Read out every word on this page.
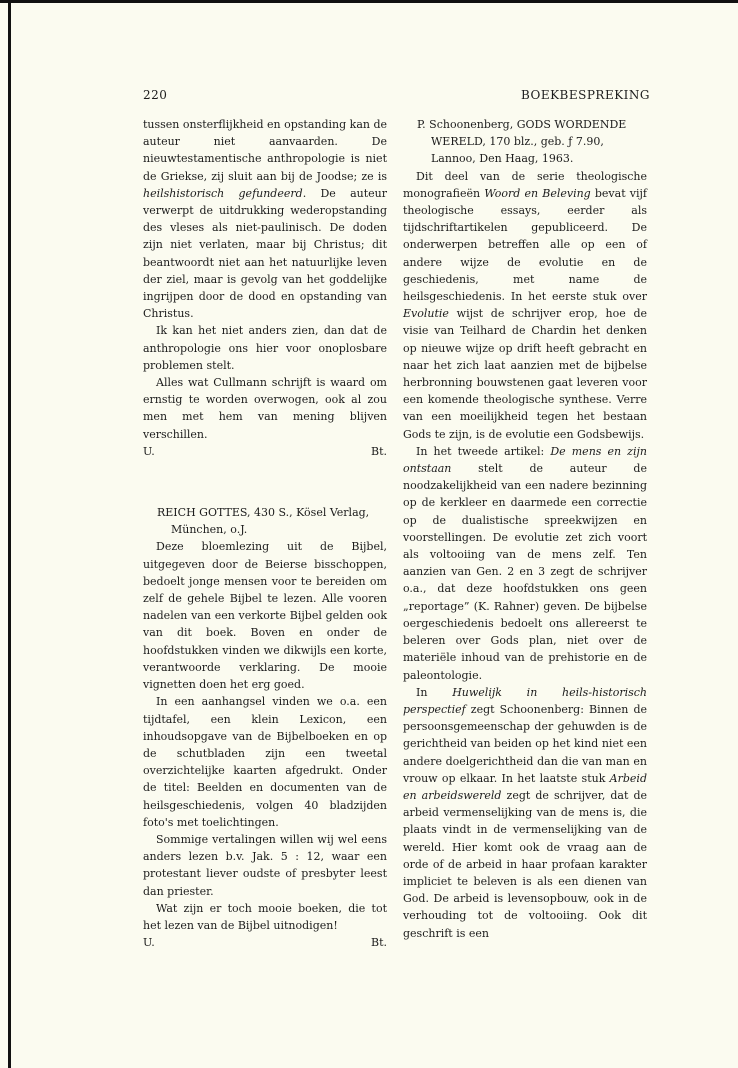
220	BOEKBESPREKING

tussen onsterflijkheid en opstanding kan de auteur niet aanvaarden. De nieuwtestamentische anthropologie is niet de Griekse, zij sluit aan bij de Joodse; ze is heilshistorisch gefundeerd. De auteur verwerpt de uitdrukking wederopstanding des vleses als niet-paulinisch. De doden zijn niet verlaten, maar bij Christus; dit beantwoordt niet aan het natuurlijke leven der ziel, maar is gevolg van het goddelijke ingrijpen door de dood en opstanding van Christus.

Ik kan het niet anders zien, dan dat de anthropologie ons hier voor onoplosbare problemen stelt.

Alles wat Cullmann schrijft is waard om ernstig te worden overwogen, ook al zou men met hem van mening blijven verschillen.

U.	Bt.

REICH GOTTES, 430 S., Kösel Verlag, München, o.J.

Deze bloemlezing uit de Bijbel, uitgegeven door de Beierse bisschoppen, bedoelt jonge mensen voor te bereiden om zelf de gehele Bijbel te lezen. Alle vooren nadelen van een verkorte Bijbel gelden ook van dit boek. Boven en onder de hoofdstukken vinden we dikwijls een korte, verantwoorde verklaring. De mooie vignetten doen het erg goed.

In een aanhangsel vinden we o.a. een tijdtafel, een klein Lexicon, een inhoudsopgave van de Bijbelboeken en op de schutbladen zijn een tweetal overzichtelijke kaarten afgedrukt. Onder de titel: Beelden en documenten van de heilsgeschiedenis, volgen 40 bladzijden foto's met toelichtingen.

Sommige vertalingen willen wij wel eens anders lezen b.v. Jak. 5 : 12, waar een protestant liever oudste of presbyter leest dan priester.

Wat zijn er toch mooie boeken, die tot het lezen van de Bijbel uitnodigen!

U.	Bt.

P. Schoonenberg, GODS WORDENDE WERELD, 170 blz., geb. ƒ 7.90, Lannoo, Den Haag, 1963.

Dit deel van de serie theologische monografieën Woord en Beleving bevat vijf theologische essays, eerder als tijdschriftartikelen gepubliceerd. De onderwerpen betreffen alle op een of andere wijze de evolutie en de geschiedenis, met name de heilsgeschiedenis. In het eerste stuk over Evolutie wijst de schrijver erop, hoe de visie van Teilhard de Chardin het denken op nieuwe wijze op drift heeft gebracht en naar het zich laat aanzien met de bijbelse herbronning bouwstenen gaat leveren voor een komende theologische synthese. Verre van een moeilijkheid tegen het bestaan Gods te zijn, is de evolutie een Godsbewijs.

In het tweede artikel: De mens en zijn ontstaan stelt de auteur de noodzakelijkheid van een nadere bezinning op de kerkleer en daarmede een correctie op de dualistische spreekwijzen en voorstellingen. De evolutie zet zich voort als voltooiing van de mens zelf. Ten aanzien van Gen. 2 en 3 zegt de schrijver o.a., dat deze hoofdstukken ons geen „reportage” (K. Rahner) geven. De bijbelse oergeschiedenis bedoelt ons allereerst te beleren over Gods plan, niet over de materiële inhoud van de prehistorie en de paleontologie.

In Huwelijk in heils-historisch perspectief zegt Schoonenberg: Binnen de persoonsgemeenschap der gehuwden is de gerichtheid van beiden op het kind niet een andere doelgerichtheid dan die van man en vrouw op elkaar. In het laatste stuk Arbeid en arbeidswereld zegt de schrijver, dat de arbeid vermenselijking van de mens is, die plaats vindt in de vermenselijking van de wereld. Hier komt ook de vraag aan de orde of de arbeid in haar profaan karakter impliciet te beleven is als een dienen van God. De arbeid is levensopbouw, ook in de verhouding tot de voltooiing. Ook dit geschrift is een
